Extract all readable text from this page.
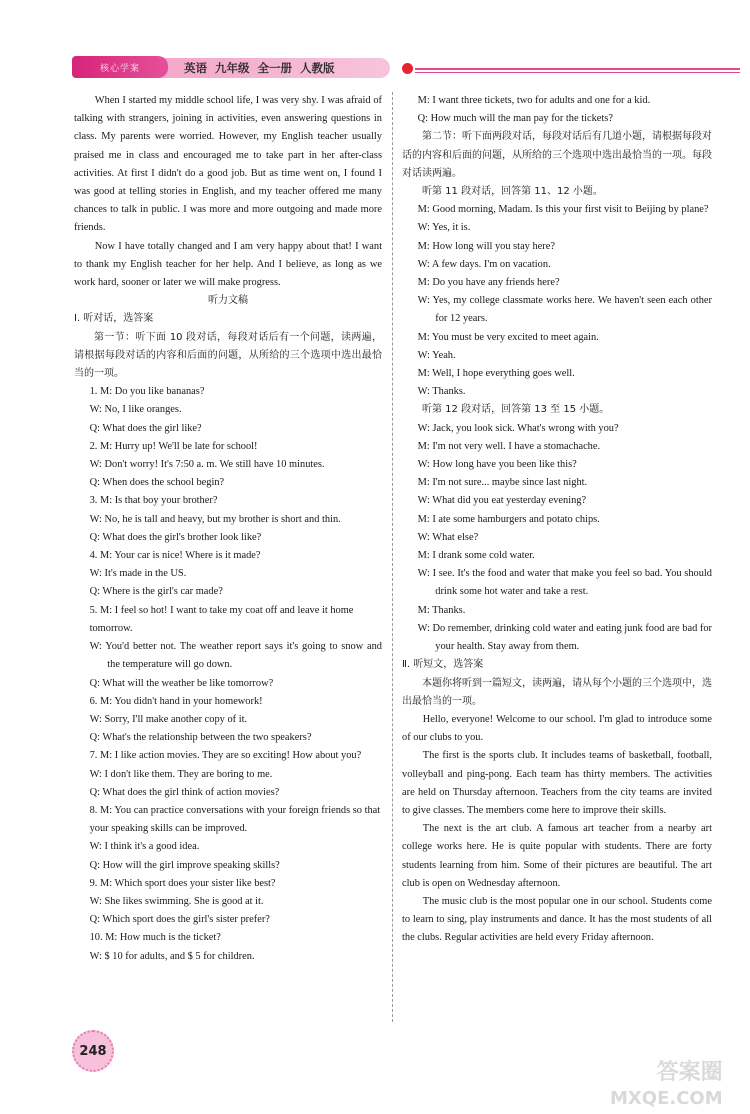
英语  九年级  全一册  人教版
核心学案

When I started my middle school life, I was very shy. I was afraid of talking with strangers, joining in activities, even answering questions in class. My parents were worried. However, my English teacher usually praised me in class and encouraged me to take part in her after-class activities. At first I didn't do a good job. But as time went on, I found I was good at telling stories in English, and my teacher offered me many chances to talk in public. I was more and more outgoing and made more friends.

Now I have totally changed and I am very happy about that! I want to thank my English teacher for her help. And I believe, as long as we work hard, sooner or later we will make progress.

听力文稿

Ⅰ. 听对话，选答案

第一节：听下面 10 段对话，每段对话后有一个问题，读两遍，请根据每段对话的内容和后面的问题，从所给的三个选项中选出最恰当的一项。

1. M: Do you like bananas?

W: No, I like oranges.

Q: What does the girl like?

2. M: Hurry up! We'll be late for school!

W: Don't worry! It's 7:50 a. m. We still have 10 minutes.

Q: When does the school begin?

3. M: Is that boy your brother?

W: No, he is tall and heavy, but my brother is short and thin.

Q: What does the girl's brother look like?

4. M: Your car is nice! Where is it made?

W: It's made in the US.

Q: Where is the girl's car made?

5. M: I feel so hot! I want to take my coat off and leave it home tomorrow.

W: You'd better not. The weather report says it's going to snow and the temperature will go down.

Q: What will the weather be like tomorrow?

6. M: You didn't hand in your homework!

W: Sorry, I'll make another copy of it.

Q: What's the relationship between the two speakers?

7. M: I like action movies. They are so exciting! How about you?

W: I don't like them. They are boring to me.

Q: What does the girl think of action movies?

8. M: You can practice conversations with your foreign friends so that your speaking skills can be improved.

W: I think it's a good idea.

Q: How will the girl improve speaking skills?

9. M: Which sport does your sister like best?

W: She likes swimming. She is good at it.

Q: Which sport does the girl's sister prefer?

10. M: How much is the ticket?

W: $ 10 for adults, and $ 5 for children.

M: I want three tickets, two for adults and one for a kid.

Q: How much will the man pay for the tickets?

第二节：听下面两段对话，每段对话后有几道小题，请根据每段对话的内容和后面的问题，从所给的三个选项中选出最恰当的一项。每段对话读两遍。

听第 11 段对话，回答第 11、12 小题。

M: Good morning, Madam. Is this your first visit to Beijing by plane?

W: Yes, it is.

M: How long will you stay here?

W: A few days. I'm on vacation.

M: Do you have any friends here?

W: Yes, my college classmate works here. We haven't seen each other for 12 years.

M: You must be very excited to meet again.

W: Yeah.

M: Well, I hope everything goes well.

W: Thanks.

听第 12 段对话，回答第 13 至 15 小题。

W: Jack, you look sick. What's wrong with you?

M: I'm not very well. I have a stomachache.

W: How long have you been like this?

M: I'm not sure... maybe since last night.

W: What did you eat yesterday evening?

M: I ate some hamburgers and potato chips.

W: What else?

M: I drank some cold water.

W: I see. It's the food and water that make you feel so bad. You should drink some hot water and take a rest.

M: Thanks.

W: Do remember, drinking cold water and eating junk food are bad for your health. Stay away from them.

Ⅱ. 听短文，选答案

本题你将听到一篇短文，读两遍，请从每个小题的三个选项中，选出最恰当的一项。

Hello, everyone! Welcome to our school. I'm glad to introduce some of our clubs to you.

The first is the sports club. It includes teams of basketball, football, volleyball and ping-pong. Each team has thirty members. The activities are held on Thursday afternoon. Teachers from the city teams are invited to give classes. The members come here to improve their skills.

The next is the art club. A famous art teacher from a nearby art college works here. He is quite popular with students. There are forty students learning from him. Some of their pictures are beautiful. The art club is open on Wednesday afternoon.

The music club is the most popular one in our school. Students come to learn to sing, play instruments and dance. It has the most students of all the clubs. Regular activities are held every Friday afternoon.

248
答案圈
MXQE.COM
